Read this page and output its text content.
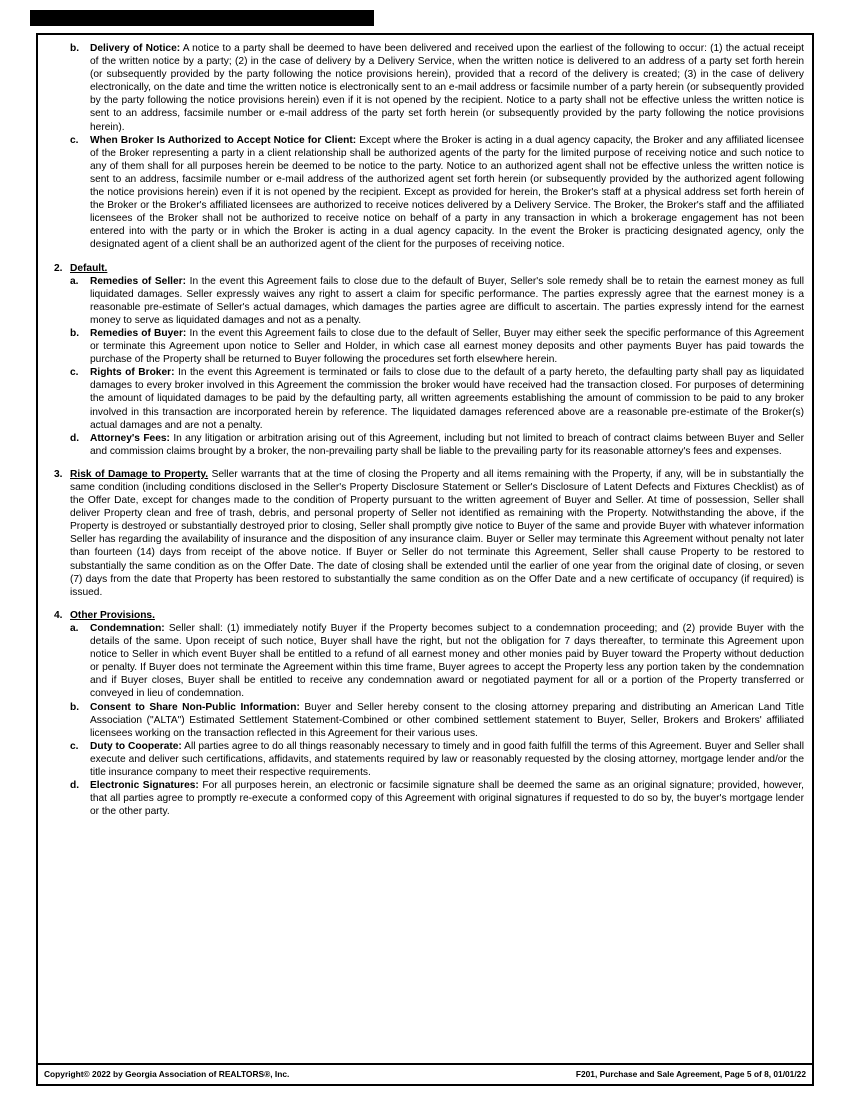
b. Delivery of Notice: A notice to a party shall be deemed to have been delivered and received upon the earliest of the following to occur: (1) the actual receipt of the written notice by a party; (2) in the case of delivery by a Delivery Service, when the written notice is delivered to an address of a party set forth herein (or subsequently provided by the party following the notice provisions herein), provided that a record of the delivery is created; (3) in the case of delivery electronically, on the date and time the written notice is electronically sent to an e-mail address or facsimile number of a party herein (or subsequently provided by the party following the notice provisions herein) even if it is not opened by the recipient. Notice to a party shall not be effective unless the written notice is sent to an address, facsimile number or e-mail address of the party set forth herein (or subsequently provided by the party following the notice provisions herein).
c. When Broker Is Authorized to Accept Notice for Client: Except where the Broker is acting in a dual agency capacity, the Broker and any affiliated licensee of the Broker representing a party in a client relationship shall be authorized agents of the party for the limited purpose of receiving notice and such notice to any of them shall for all purposes herein be deemed to be notice to the party. Notice to an authorized agent shall not be effective unless the written notice is sent to an address, facsimile number or e-mail address of the authorized agent set forth herein (or subsequently provided by the authorized agent following the notice provisions herein) even if it is not opened by the recipient. Except as provided for herein, the Broker's staff at a physical address set forth herein of the Broker or the Broker's affiliated licensees are authorized to receive notices delivered by a Delivery Service. The Broker, the Broker's staff and the affiliated licensees of the Broker shall not be authorized to receive notice on behalf of a party in any transaction in which a brokerage engagement has not been entered into with the party or in which the Broker is acting in a dual agency capacity. In the event the Broker is practicing designated agency, only the designated agent of a client shall be an authorized agent of the client for the purposes of receiving notice.
2. Default.
a. Remedies of Seller: In the event this Agreement fails to close due to the default of Buyer, Seller's sole remedy shall be to retain the earnest money as full liquidated damages. Seller expressly waives any right to assert a claim for specific performance. The parties expressly agree that the earnest money is a reasonable pre-estimate of Seller's actual damages, which damages the parties agree are difficult to ascertain. The parties expressly intend for the earnest money to serve as liquidated damages and not as a penalty.
b. Remedies of Buyer: In the event this Agreement fails to close due to the default of Seller, Buyer may either seek the specific performance of this Agreement or terminate this Agreement upon notice to Seller and Holder, in which case all earnest money deposits and other payments Buyer has paid towards the purchase of the Property shall be returned to Buyer following the procedures set forth elsewhere herein.
c. Rights of Broker: In the event this Agreement is terminated or fails to close due to the default of a party hereto, the defaulting party shall pay as liquidated damages to every broker involved in this Agreement the commission the broker would have received had the transaction closed. For purposes of determining the amount of liquidated damages to be paid by the defaulting party, all written agreements establishing the amount of commission to be paid to any broker involved in this transaction are incorporated herein by reference. The liquidated damages referenced above are a reasonable pre-estimate of the Broker(s) actual damages and are not a penalty.
d. Attorney's Fees: In any litigation or arbitration arising out of this Agreement, including but not limited to breach of contract claims between Buyer and Seller and commission claims brought by a broker, the non-prevailing party shall be liable to the prevailing party for its reasonable attorney's fees and expenses.
3. Risk of Damage to Property. Seller warrants that at the time of closing the Property and all items remaining with the Property, if any, will be in substantially the same condition (including conditions disclosed in the Seller's Property Disclosure Statement or Seller's Disclosure of Latent Defects and Fixtures Checklist) as of the Offer Date, except for changes made to the condition of Property pursuant to the written agreement of Buyer and Seller. At time of possession, Seller shall deliver Property clean and free of trash, debris, and personal property of Seller not identified as remaining with the Property. Notwithstanding the above, if the Property is destroyed or substantially destroyed prior to closing, Seller shall promptly give notice to Buyer of the same and provide Buyer with whatever information Seller has regarding the availability of insurance and the disposition of any insurance claim. Buyer or Seller may terminate this Agreement without penalty not later than fourteen (14) days from receipt of the above notice. If Buyer or Seller do not terminate this Agreement, Seller shall cause Property to be restored to substantially the same condition as on the Offer Date. The date of closing shall be extended until the earlier of one year from the original date of closing, or seven (7) days from the date that Property has been restored to substantially the same condition as on the Offer Date and a new certificate of occupancy (if required) is issued.
4. Other Provisions.
a. Condemnation: Seller shall: (1) immediately notify Buyer if the Property becomes subject to a condemnation proceeding; and (2) provide Buyer with the details of the same. Upon receipt of such notice, Buyer shall have the right, but not the obligation for 7 days thereafter, to terminate this Agreement upon notice to Seller in which event Buyer shall be entitled to a refund of all earnest money and other monies paid by Buyer toward the Property without deduction or penalty. If Buyer does not terminate the Agreement within this time frame, Buyer agrees to accept the Property less any portion taken by the condemnation and if Buyer closes, Buyer shall be entitled to receive any condemnation award or negotiated payment for all or a portion of the Property transferred or conveyed in lieu of condemnation.
b. Consent to Share Non-Public Information: Buyer and Seller hereby consent to the closing attorney preparing and distributing an American Land Title Association ("ALTA") Estimated Settlement Statement-Combined or other combined settlement statement to Buyer, Seller, Brokers and Brokers' affiliated licensees working on the transaction reflected in this Agreement for their various uses.
c. Duty to Cooperate: All parties agree to do all things reasonably necessary to timely and in good faith fulfill the terms of this Agreement. Buyer and Seller shall execute and deliver such certifications, affidavits, and statements required by law or reasonably requested by the closing attorney, mortgage lender and/or the title insurance company to meet their respective requirements.
d. Electronic Signatures: For all purposes herein, an electronic or facsimile signature shall be deemed the same as an original signature; provided, however, that all parties agree to promptly re-execute a conformed copy of this Agreement with original signatures if requested to do so by, the buyer's mortgage lender or the other party.
Copyright© 2022 by Georgia Association of REALTORS®, Inc.	F201, Purchase and Sale Agreement, Page 5 of 8, 01/01/22
